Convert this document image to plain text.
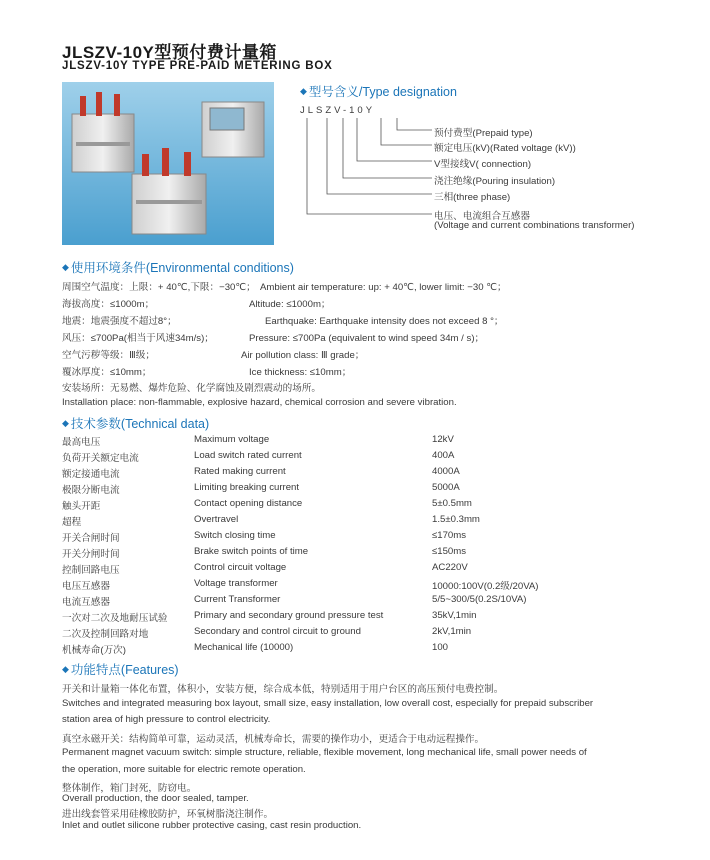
JLSZV-10Y型预付费计量箱
JLSZV-10Y TYPE PRE-PAID METERING BOX
◆ 型号含义/Type designation
JLSZV-10Y
预付费型(Prepaid type)
额定电压(kV)(Rated voltage (kV))
V型接线V( connection)
浇注绝缘(Pouring insulation)
三相(three phase)
电压、电流组合互感器
(Voltage and current combinations transformer)
◆ 使用环境条件(Environmental conditions)
周围空气温度：上限：+ 40℃,下限：−30℃； Ambient air temperature: up: + 40℃, lower limit: −30 ℃；
海拔高度：≤1000m；	Altitude: ≤1000m；
地震：地震强度不超过8°；	Earthquake: Earthquake intensity does not exceed 8 °；
风压：≤700Pa(相当于风速34m/s)；	Pressure: ≤700Pa (equivalent to wind speed 34m / s)；
空气污秽等级：Ⅲ级；	Air pollution class: Ⅲ grade；
覆冰厚度：≤10mm；	Ice thickness: ≤10mm；
安装场所：无易燃、爆炸危险、化学腐蚀及剧烈震动的场所。
Installation place: non-flammable, explosive hazard, chemical corrosion and severe vibration.
◆ 技术参数(Technical data)
最高电压	Maximum voltage	12kV
负荷开关额定电流	Load switch rated current	400A
额定接通电流	Rated making current	4000A
极限分断电流	Limiting breaking current	5000A
触头开距	Contact opening distance	5±0.5mm
超程	Overtravel	1.5±0.3mm
开关合闸时间	Switch closing time	≤170ms
开关分闸时间	Brake switch points of time	≤150ms
控制回路电压	Control circuit voltage	AC220V
电压互感器	Voltage transformer	10000:100V(0.2级/20VA)
电流互感器	Current Transformer	5/5~300/5(0.2S/10VA)
一次对二次及地耐压试验	Primary and secondary ground pressure test	35kV,1min
二次及控制回路对地	Secondary and control circuit to ground	2kV,1min
机械寿命(万次)	Mechanical life (10000)	100
◆ 功能特点(Features)
开关和计量箱一体化布置，体积小，安装方便，综合成本低，特别适用于用户台区的高压预付电费控制。
Switches and integrated measuring box layout, small size, easy installation, low overall cost, especially for prepaid subscriber
station area of high pressure to control electricity.
真空永磁开关：结构简单可靠，运动灵活，机械寿命长，需要的操作功小，更适合于电动远程操作。
Permanent magnet vacuum switch: simple structure, reliable, flexible movement, long mechanical life, small power needs of
the operation, more suitable for electric remote operation.
整体制作，箱门封死，防窃电。
Overall production, the door sealed, tamper.
进出线套管采用硅橡胶防护，环氧树脂浇注制作。
Inlet and outlet silicone rubber protective casing, cast resin production.
